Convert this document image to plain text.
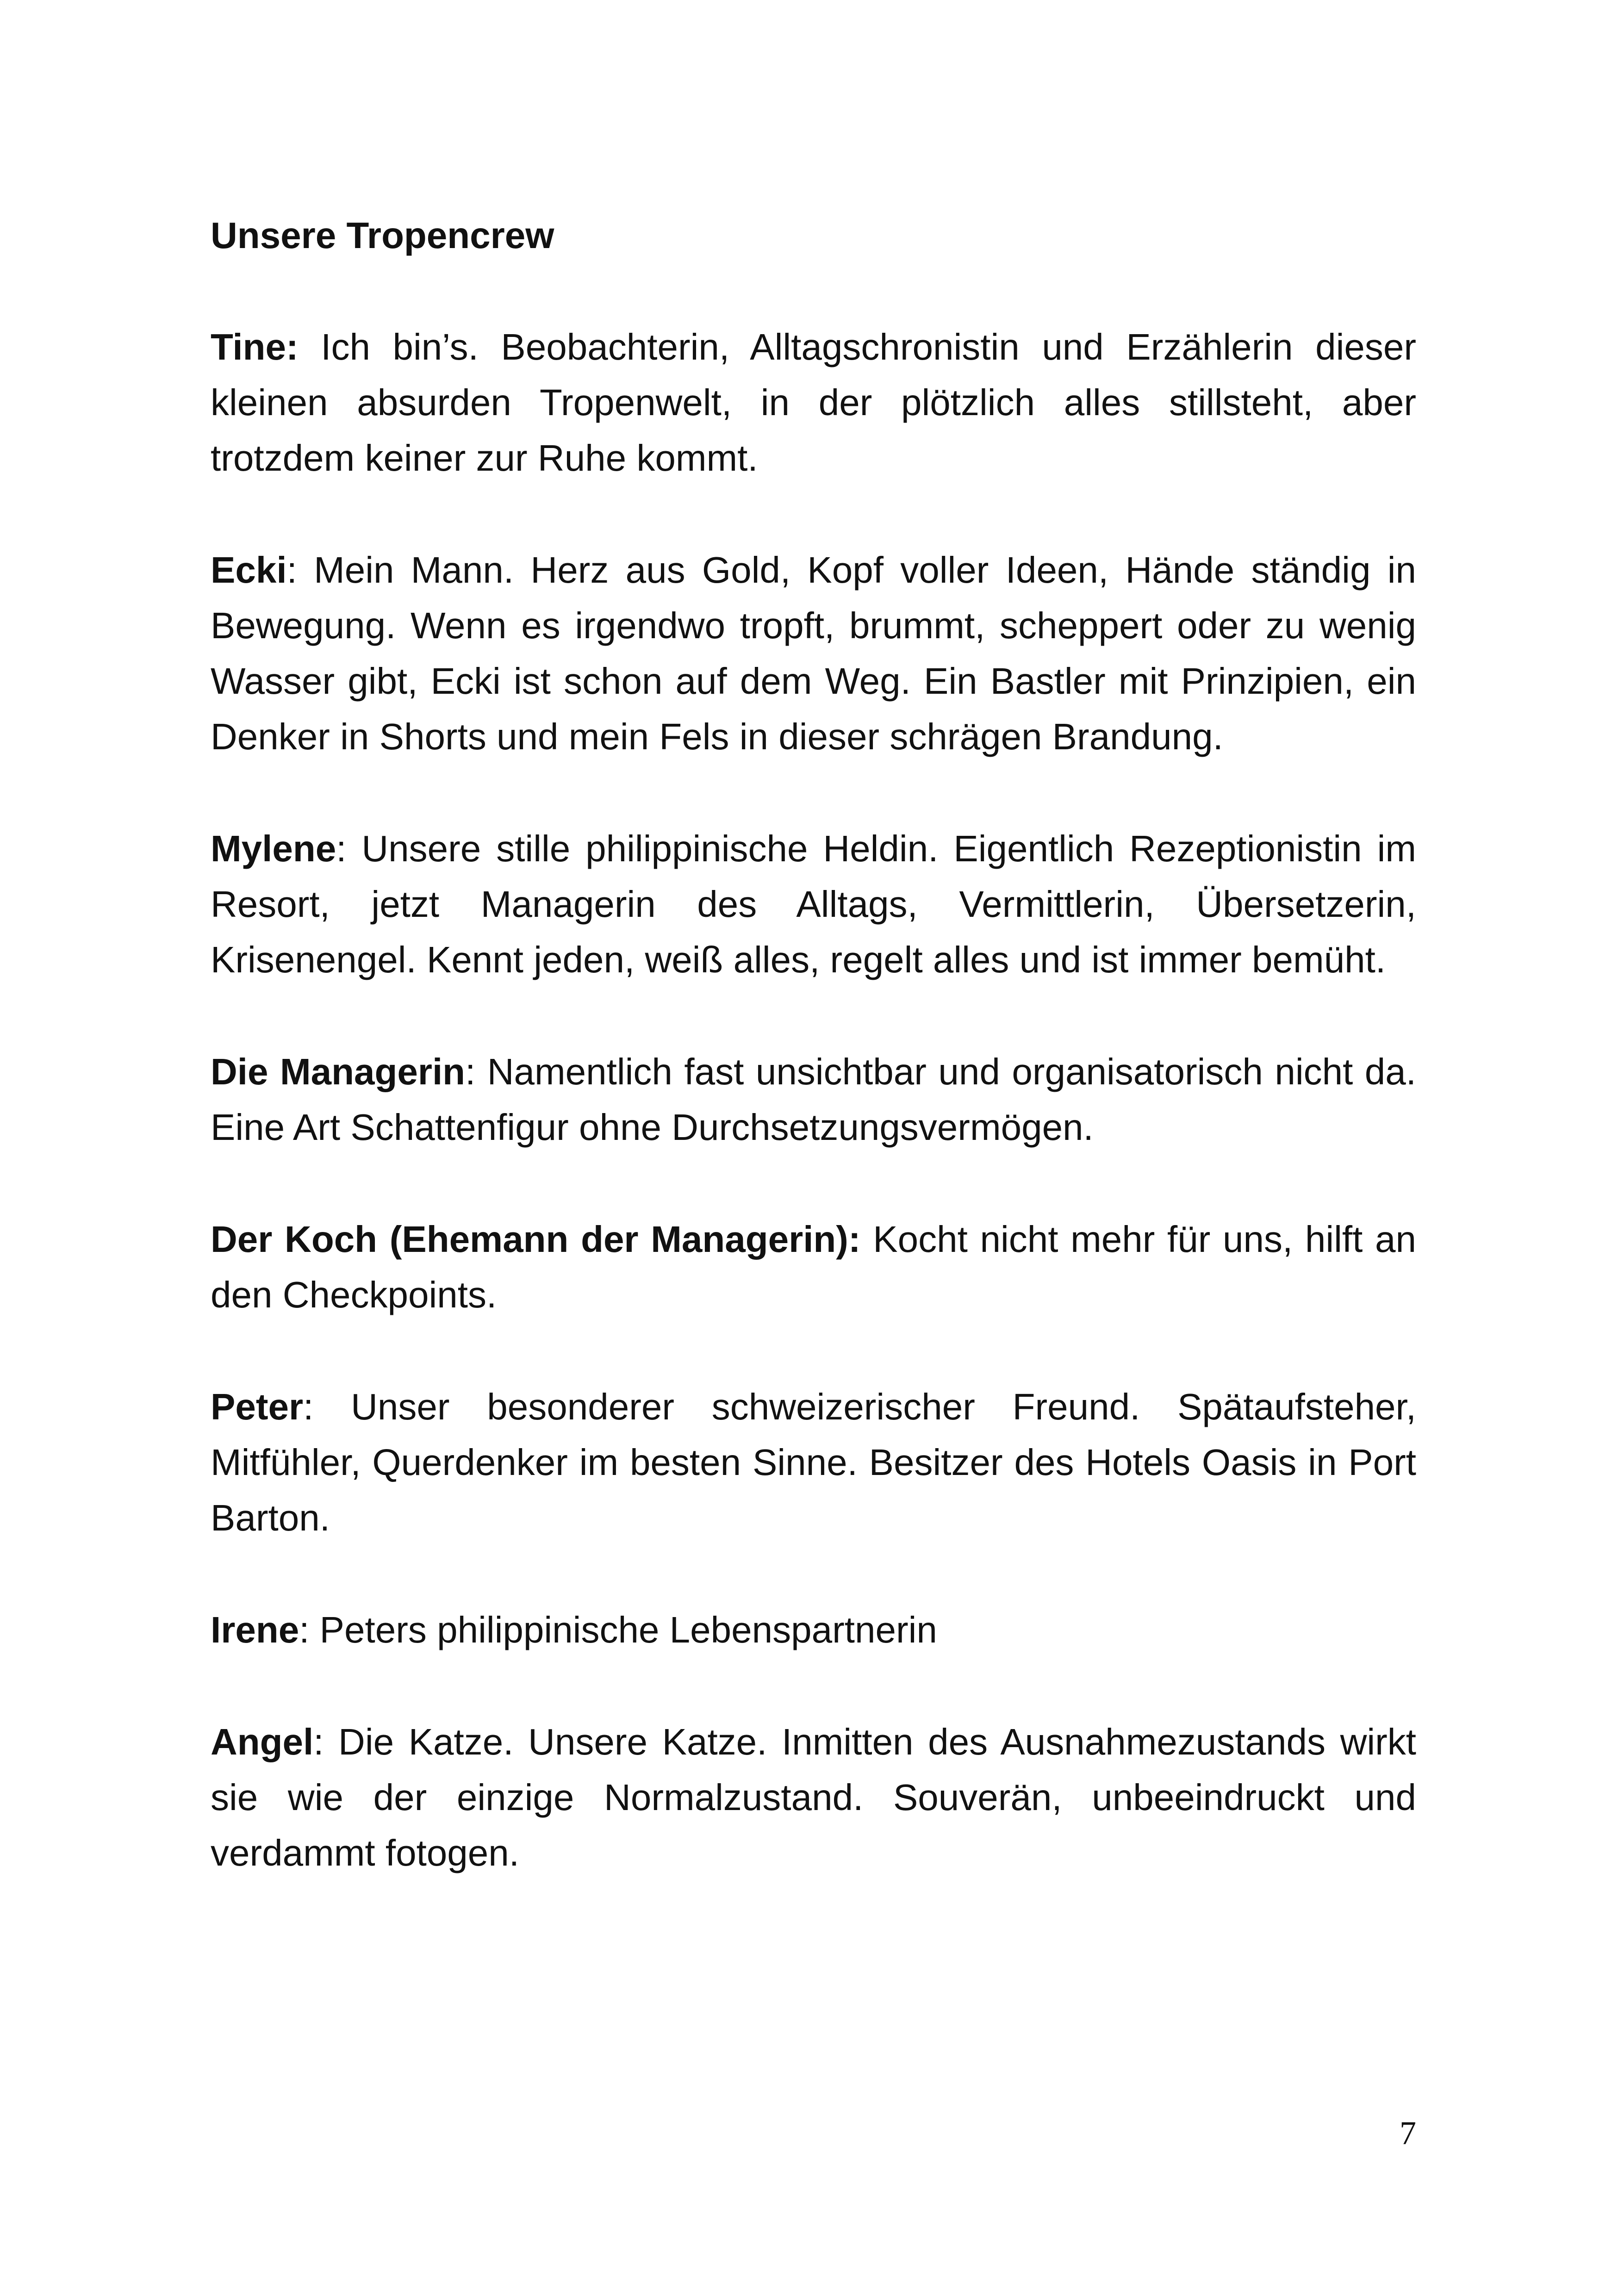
Unsere Tropencrew

Tine: Ich bin’s. Beobachterin, Alltagschronistin und Erzählerin dieser kleinen absurden Tropenwelt, in der plötzlich alles stillsteht, aber trotzdem keiner zur Ruhe kommt.

Ecki: Mein Mann. Herz aus Gold, Kopf voller Ideen, Hände ständig in Bewegung. Wenn es irgendwo tropft, brummt, scheppert oder zu wenig Wasser gibt, Ecki ist schon auf dem Weg. Ein Bastler mit Prinzipien, ein Denker in Shorts und mein Fels in dieser schrägen Brandung.

Mylene: Unsere stille philippinische Heldin. Eigentlich Rezeptionistin im Resort, jetzt Managerin des Alltags, Vermittlerin, Übersetzerin, Krisenengel. Kennt jeden, weiß alles, regelt alles und ist immer bemüht.

Die Managerin: Namentlich fast unsichtbar und organisatorisch nicht da. Eine Art Schattenfigur ohne Durchsetzungsvermögen.

Der Koch (Ehemann der Managerin): Kocht nicht mehr für uns, hilft an den Checkpoints.

Peter: Unser besonderer schweizerischer Freund. Spätaufsteher, Mitfühler, Querdenker im besten Sinne. Besitzer des Hotels Oasis in Port Barton.

Irene: Peters philippinische Lebenspartnerin

Angel: Die Katze. Unsere Katze. Inmitten des Ausnahmezustands wirkt sie wie der einzige Normalzustand. Souverän, unbeeindruckt und verdammt fotogen.

7
